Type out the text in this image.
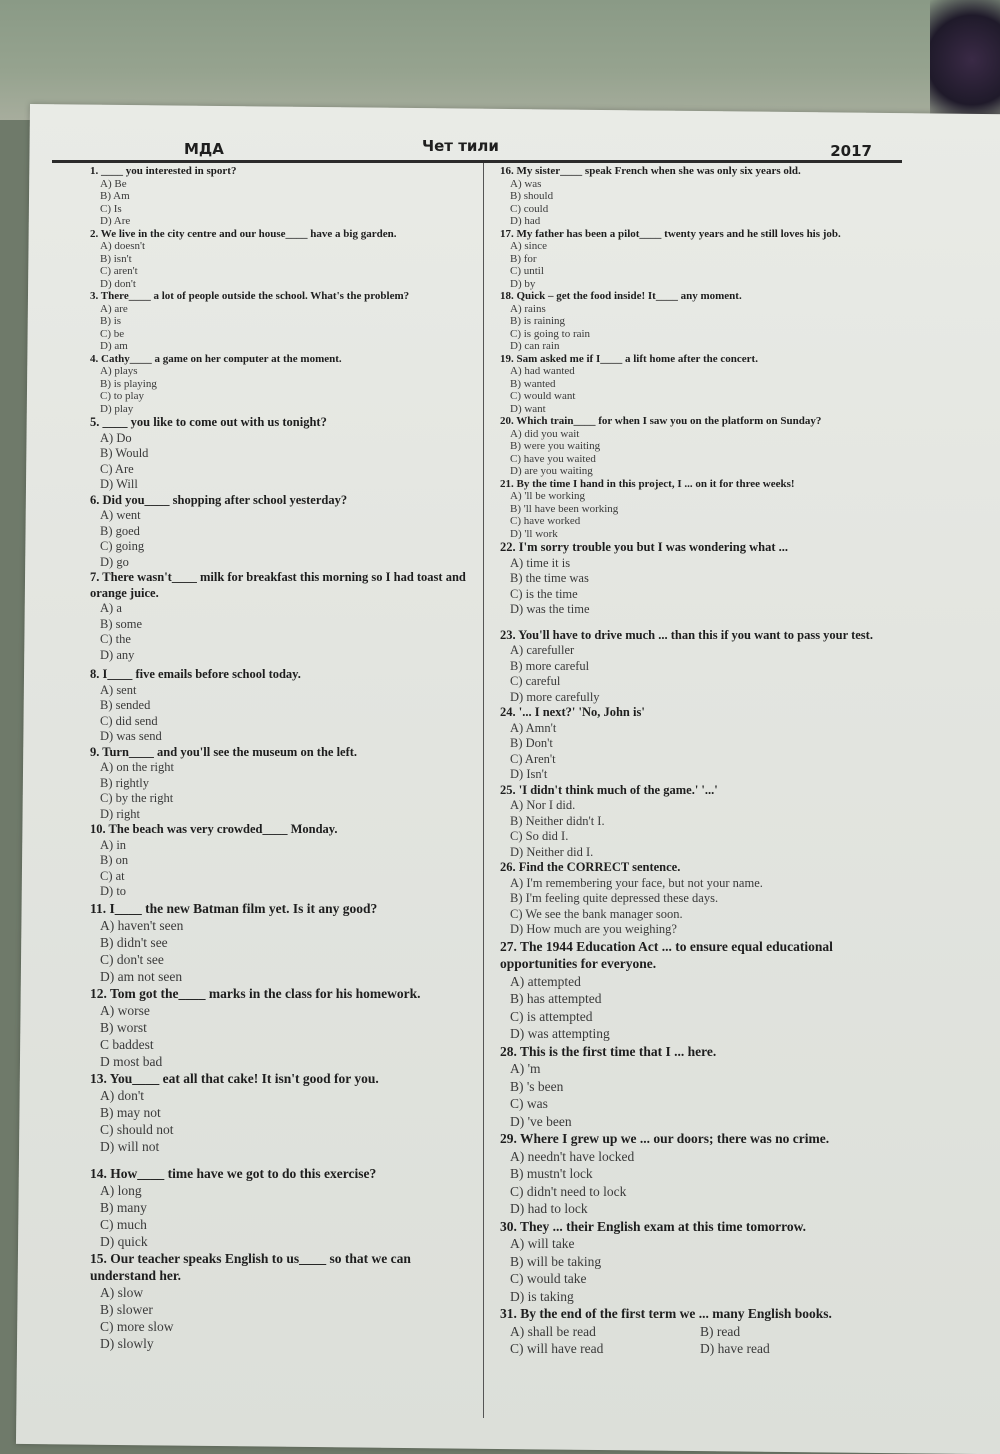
МДА	Чет тили	2017
1. ____ you interested in sport?
A) Be
B) Am
C) Is
D) Are
2. We live in the city centre and our house____ have a big garden.
A) doesn't
B) isn't
C) aren't
D) don't
3. There____ a lot of people outside the school. What's the problem?
A) are
B) is
C) be
D) am
4. Cathy____ a game on her computer at the moment.
A) plays
B) is playing
C) to play
D) play
5. ____ you like to come out with us tonight?
A) Do
B) Would
C) Are
D) Will
6. Did you____ shopping after school yesterday?
A) went
B) goed
C) going
D) go
7. There wasn't____ milk for breakfast this morning so I had toast and orange juice.
A) a
B) some
C) the
D) any
8. I____ five emails before school today.
A) sent
B) sended
C) did send
D) was send
9. Turn____ and you'll see the museum on the left.
A) on the right
B) rightly
C) by the right
D) right
10. The beach was very crowded____ Monday.
A) in
B) on
C) at
D) to
11. I____ the new Batman film yet. Is it any good?
A) haven't seen
B) didn't see
C) don't see
D) am not seen
12. Tom got the____ marks in the class for his homework.
A) worse
B) worst
C baddest
D most bad
13. You____ eat all that cake! It isn't good for you.
A) don't
B) may not
C) should not
D) will not
14. How____ time have we got to do this exercise?
A) long
B) many
C) much
D) quick
15. Our teacher speaks English to us____ so that we can understand her.
A) slow
B) slower
C) more slow
D) slowly
16. My sister____ speak French when she was only six years old.
A) was
B) should
C) could
D) had
17. My father has been a pilot____ twenty years and he still loves his job.
A) since
B) for
C) until
D) by
18. Quick – get the food inside! It____ any moment.
A) rains
B) is raining
C) is going to rain
D) can rain
19. Sam asked me if I____ a lift home after the concert.
A) had wanted
B) wanted
C) would want
D) want
20. Which train____ for when I saw you on the platform on Sunday?
A) did you wait
B) were you waiting
C) have you waited
D) are you waiting
21. By the time I hand in this project, I ... on it for three weeks!
A) 'll be working
B) 'll have been working
C) have worked
D) 'll work
22. I'm sorry trouble you but I was wondering what ...
A) time it is
B) the time was
C) is the time
D) was the time
23. You'll have to drive much ... than this if you want to pass your test.
A) carefuller
B) more careful
C) careful
D) more carefully
24. '... I next?' 'No, John is'
A) Amn't
B) Don't
C) Aren't
D) Isn't
25. 'I didn't think much of the game.' '...'
A) Nor I did.
B) Neither didn't I.
C) So did I.
D) Neither did I.
26. Find the CORRECT sentence.
A) I'm remembering your face, but not your name.
B) I'm feeling quite depressed these days.
C) We see the bank manager soon.
D) How much are you weighing?
27. The 1944 Education Act ... to ensure equal educational opportunities for everyone.
A) attempted
B) has attempted
C) is attempted
D) was attempting
28. This is the first time that I ... here.
A) 'm
B) 's been
C) was
D) 've been
29. Where I grew up we ... our doors; there was no crime.
A) needn't have locked
B) mustn't lock
C) didn't need to lock
D) had to lock
30. They ... their English exam at this time tomorrow.
A) will take
B) will be taking
C) would take
D) is taking
31. By the end of the first term we ... many English books.
A) shall be read	B) read
C) will have read	D) have read
